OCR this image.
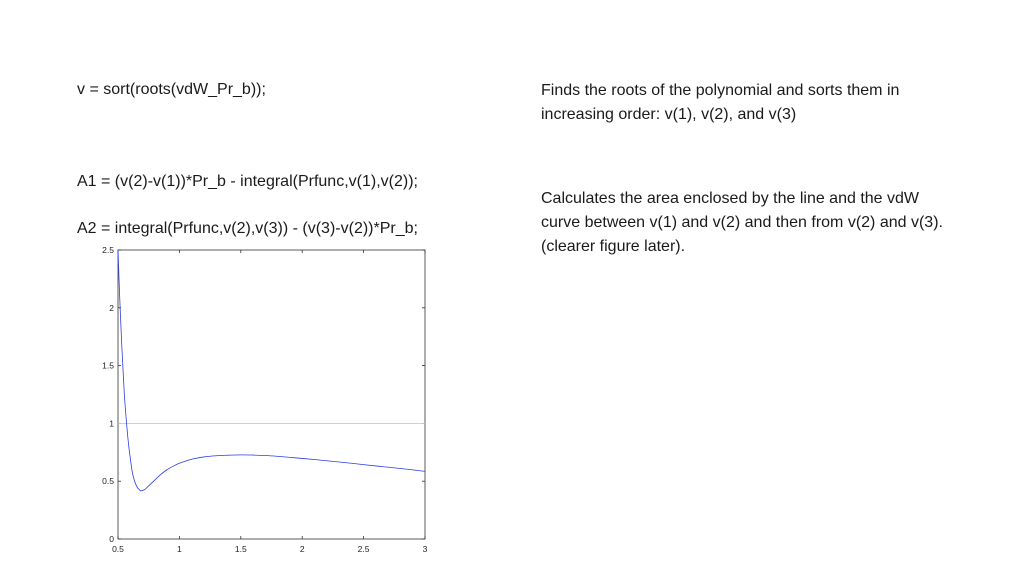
v = sort(roots(vdW_Pr_b));
A1 = (v(2)-v(1))*Pr_b - integral(Prfunc,v(1),v(2));
A2 = integral(Prfunc,v(2),v(3)) - (v(3)-v(2))*Pr_b;
Finds the roots of the polynomial and sorts them in
increasing order: v(1), v(2), and v(3)
Calculates the area enclosed by the line and the vdW
curve between v(1) and v(2) and then from v(2) and v(3).
(clearer figure later).
0.5	1	1.5	2	2.5	3
0
0.5
1
1.5
2
2.5
